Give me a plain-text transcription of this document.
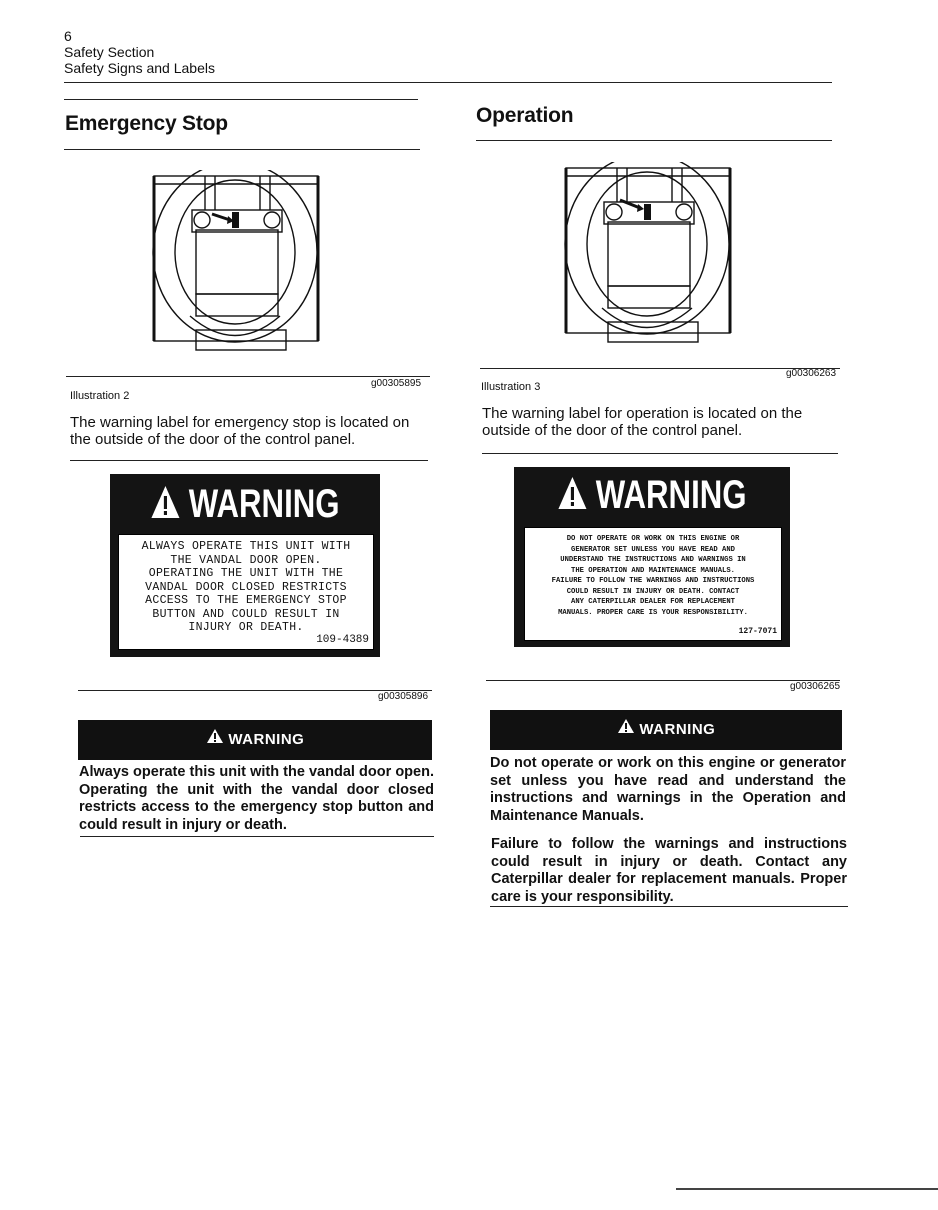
6
Safety Section
Safety Signs and Labels
Emergency Stop
Illustration 2
g00305895
The warning label for emergency stop is located on the outside of the door of the control panel.
WARNING
ALWAYS OPERATE THIS UNIT WITH
THE VANDAL DOOR OPEN.
OPERATING THE UNIT WITH THE
VANDAL DOOR CLOSED RESTRICTS
ACCESS TO THE EMERGENCY STOP
BUTTON AND COULD RESULT IN
INJURY OR DEATH.
109-4389
g00305896
WARNING
Always operate this unit with the vandal door open. Operating the unit with the vandal door closed restricts access to the emergency stop button and could result in injury or death.
Operation
Illustration 3
g00306263
The warning label for operation is located on the outside of the door of the control panel.
WARNING
DO NOT OPERATE OR WORK ON THIS ENGINE OR
GENERATOR SET UNLESS YOU HAVE READ AND
UNDERSTAND THE INSTRUCTIONS AND WARNINGS IN
THE OPERATION AND MAINTENANCE MANUALS.
FAILURE TO FOLLOW THE WARNINGS AND INSTRUCTIONS
COULD RESULT IN INJURY OR DEATH. CONTACT
ANY CATERPILLAR DEALER FOR REPLACEMENT
MANUALS. PROPER CARE IS YOUR RESPONSIBILITY.
127-7071
g00306265
WARNING
Do not operate or work on this engine or generator set unless you have read and understand the instructions and warnings in the Operation and Maintenance Manuals.
Failure to follow the warnings and instructions could result in injury or death. Contact any Caterpillar dealer for replacement manuals. Proper care is your responsibility.
